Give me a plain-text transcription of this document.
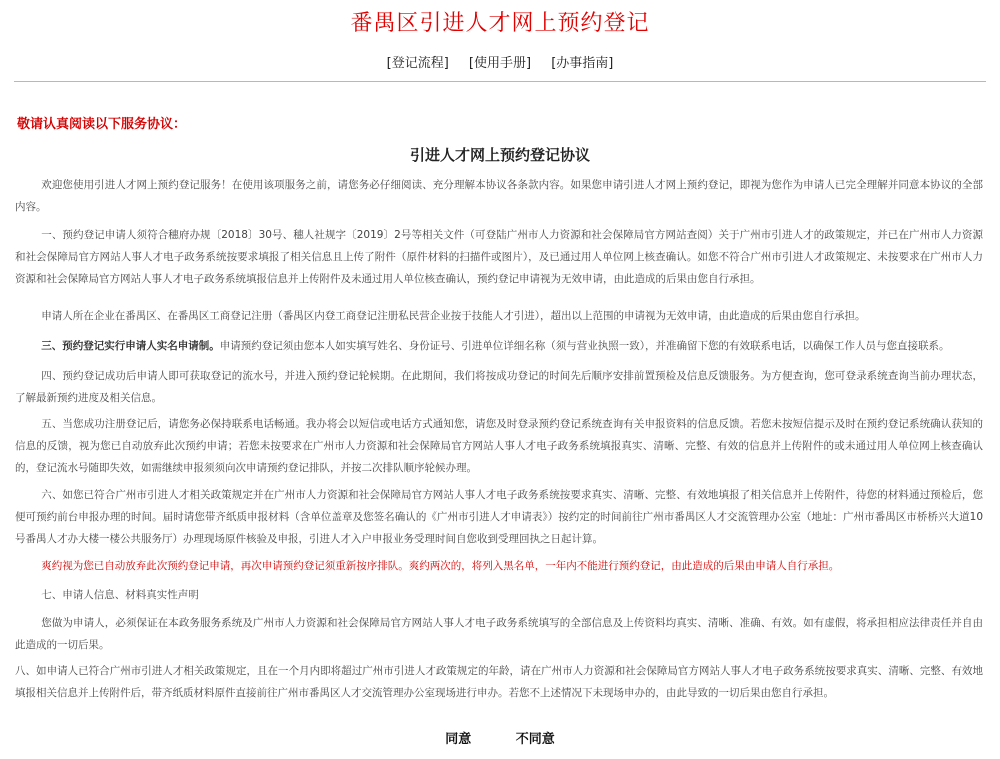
番禺区引进人才网上预约登记
[登记流程] [使用手册] [办事指南]
敬请认真阅读以下服务协议：
引进人才网上预约登记协议
欢迎您使用引进人才网上预约登记服务！在使用该项服务之前，请您务必仔细阅读、充分理解本协议各条款内容。如果您申请引进人才网上预约登记，即视为您作为申请人已完全理解并同意本协议的全部内容。
一、预约登记申请人须符合穗府办规〔2018〕30号、穗人社规字〔2019〕2号等相关文件（可登陆广州市人力资源和社会保障局官方网站查阅）关于广州市引进人才的政策规定，并已在广州市人力资源和社会保障局官方网站人事人才电子政务系统按要求填报了相关信息且上传了附件（原件材料的扫描件或图片），及已通过用人单位网上核查确认。如您不符合广州市引进人才政策规定、未按要求在广州市人力资源和社会保障局官方网站人事人才电子政务系统填报信息并上传附件及未通过用人单位核查确认，预约登记申请视为无效申请，由此造成的后果由您自行承担。
申请人所在企业在番禺区、在番禺区工商登记注册（番禺区内登工商登记注册私民营企业按于技能人才引进），超出以上范围的申请视为无效申请，由此造成的后果由您自行承担。
三、预约登记实行申请人实名申请制。申请预约登记须由您本人如实填写姓名、身份证号、引进单位详细名称（须与营业执照一致），并准确留下您的有效联系电话，以确保工作人员与您直接联系。
四、预约登记成功后申请人即可获取登记的流水号，并进入预约登记轮候期。在此期间，我们将按成功登记的时间先后顺序安排前置预检及信息反馈服务。为方便查询，您可登录系统查询当前办理状态，了解最新预约进度及相关信息。
五、当您成功注册登记后，请您务必保持联系电话畅通。我办将会以短信或电话方式通知您，请您及时登录预约登记系统查询有关申报资料的信息反馈。若您未按短信提示及时在预约登记系统确认获知的信息的反馈，视为您已自动放弃此次预约申请；若您未按要求在广州市人力资源和社会保障局官方网站人事人才电子政务系统填报真实、清晰、完整、有效的信息并上传附件的或未通过用人单位网上核查确认的，登记流水号随即失效，如需继续申报须须向次申请预约登记排队，并按二次排队顺序轮候办理。
六、如您已符合广州市引进人才相关政策规定并在广州市人力资源和社会保障局官方网站人事人才电子政务系统按要求真实、清晰、完整、有效地填报了相关信息并上传附件，待您的材料通过预检后，您便可预约前台申报办理的时间。届时请您带齐纸质申报材料（含单位盖章及您签名确认的《广州市引进人才申请表》）按约定的时间前往广州市番禺区人才交流管理办公室（地址：广州市番禺区市桥桥兴大道10号番禺人才办大楼一楼公共服务厅）办理现场原件核验及申报，引进人才入户申报业务受理时间自您收到受理回执之日起计算。
爽约视为您已自动放弃此次预约登记申请，再次申请预约登记须重新按序排队。爽约两次的，将列入黑名单，一年内不能进行预约登记，由此造成的后果由申请人自行承担。
七、申请人信息、材料真实性声明
您做为申请人，必须保证在本政务服务系统及广州市人力资源和社会保障局官方网站人事人才电子政务系统填写的全部信息及上传资料均真实、清晰、准确、有效。如有虚假，将承担相应法律责任并自由此造成的一切后果。
八、如申请人已符合广州市引进人才相关政策规定，且在一个月内即将超过广州市引进人才政策规定的年龄，请在广州市人力资源和社会保障局官方网站人事人才电子政务系统按要求真实、清晰、完整、有效地填报相关信息并上传附件后，带齐纸质材料原件直接前往广州市番禺区人才交流管理办公室现场进行申办。若您不上述情况下未现场申办的，由此导致的一切后果由您自行承担。
同意	不同意
